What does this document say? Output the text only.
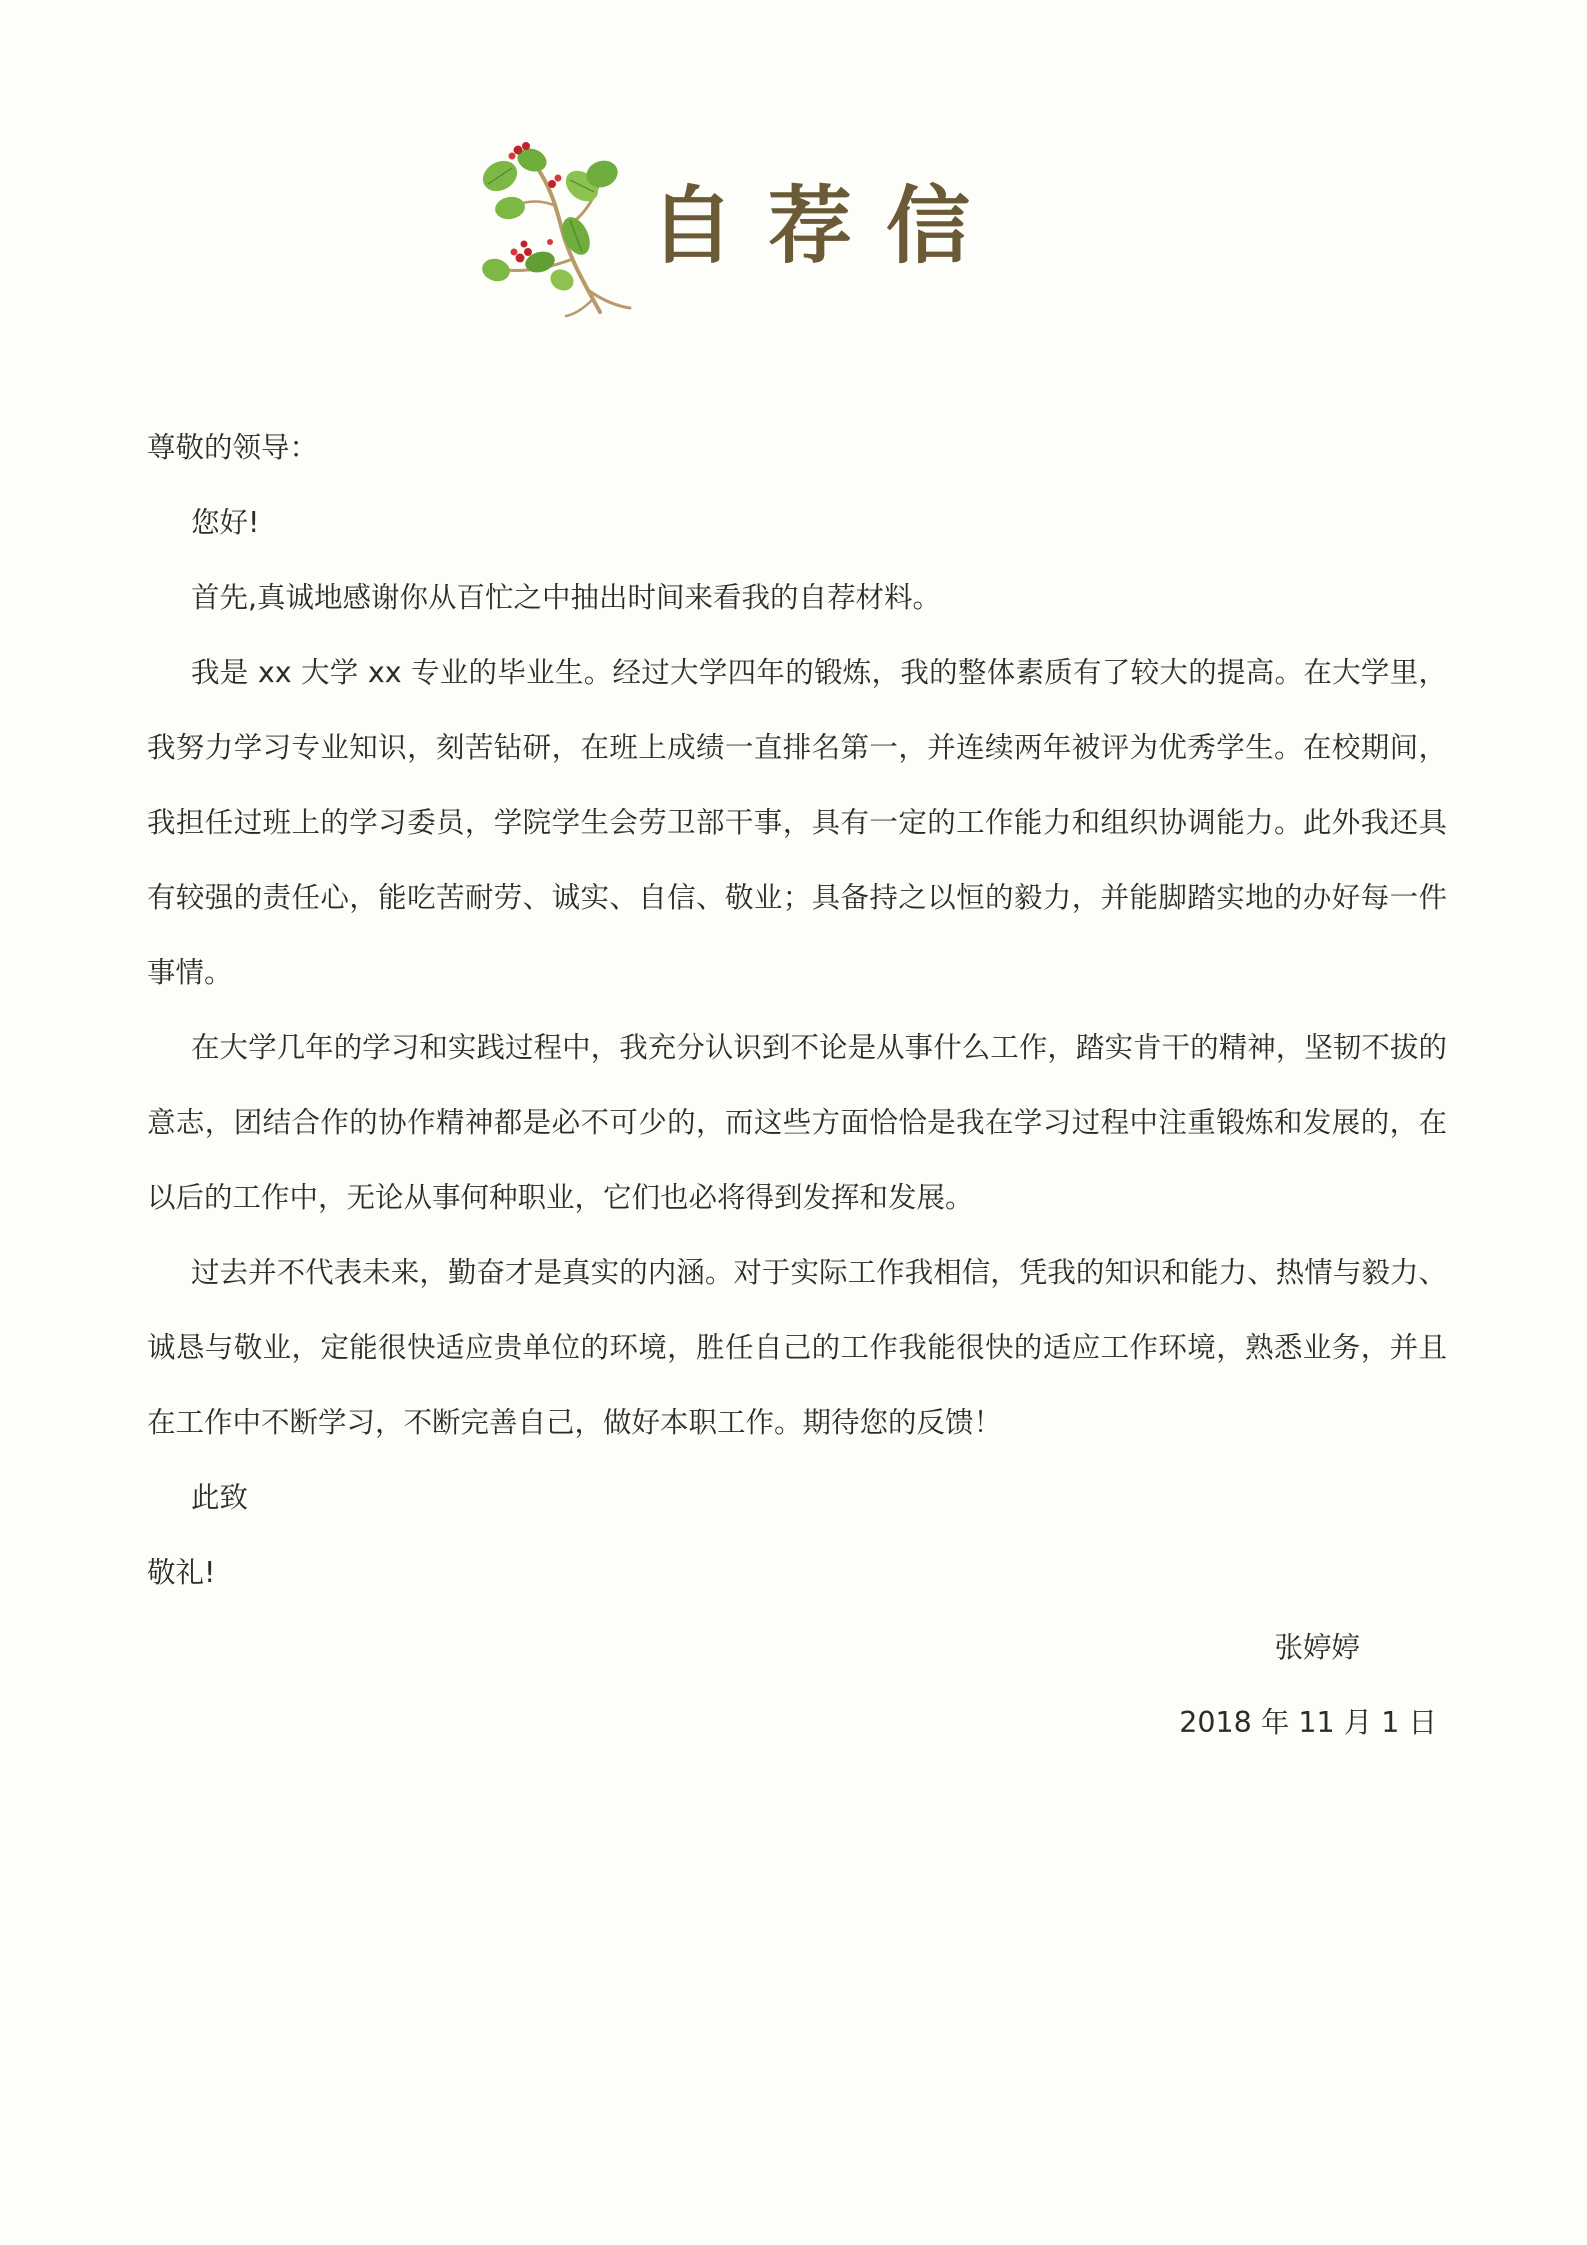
自荐信

尊敬的领导：

您好!

首先,真诚地感谢你从百忙之中抽出时间来看我的自荐材料。

我是 xx 大学 xx 专业的毕业生。经过大学四年的锻炼，我的整体素质有了较大的提高。在大学里，我努力学习专业知识，刻苦钻研，在班上成绩一直排名第一，并连续两年被评为优秀学生。在校期间，我担任过班上的学习委员，学院学生会劳卫部干事，具有一定的工作能力和组织协调能力。此外我还具有较强的责任心，能吃苦耐劳、诚实、自信、敬业；具备持之以恒的毅力，并能脚踏实地的办好每一件事情。

在大学几年的学习和实践过程中，我充分认识到不论是从事什么工作，踏实肯干的精神，坚韧不拔的意志，团结合作的协作精神都是必不可少的，而这些方面恰恰是我在学习过程中注重锻炼和发展的，在以后的工作中，无论从事何种职业，它们也必将得到发挥和发展。

过去并不代表未来，勤奋才是真实的内涵。对于实际工作我相信，凭我的知识和能力、热情与毅力、诚恳与敬业，定能很快适应贵单位的环境，胜任自己的工作我能很快的适应工作环境，熟悉业务，并且在工作中不断学习，不断完善自己，做好本职工作。期待您的反馈！

此致

敬礼!

张婷婷

2018 年 11 月 1 日
